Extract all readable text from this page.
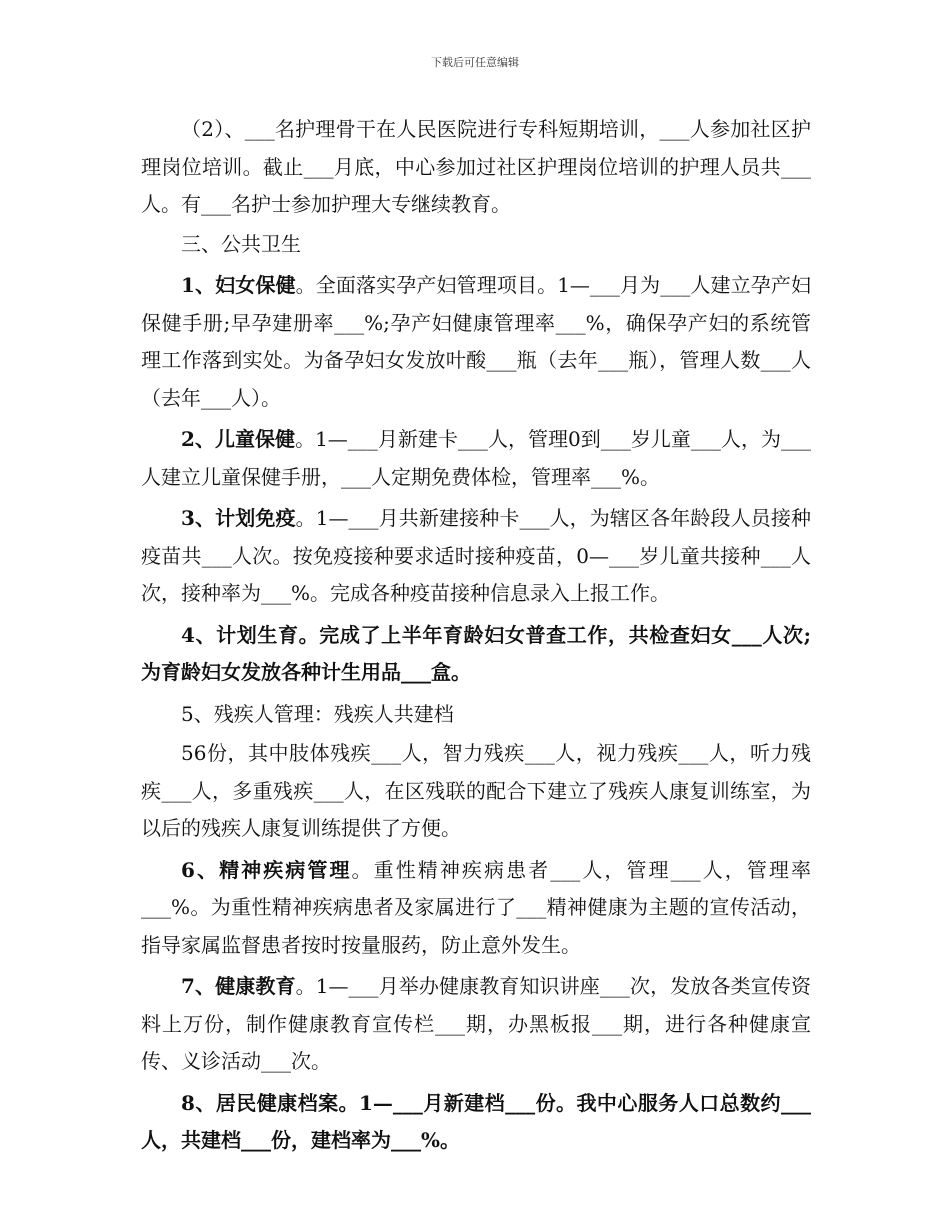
下载后可任意编辑

（2）、___名护理骨干在人民医院进行专科短期培训，___人参加社区护理岗位培训。截止___月底，中心参加过社区护理岗位培训的护理人员共___人。有___名护士参加护理大专继续教育。

三、公共卫生

1、妇女保健。全面落实孕产妇管理项目。1—___月为___人建立孕产妇保健手册;早孕建册率___%;孕产妇健康管理率___%，确保孕产妇的系统管理工作落到实处。为备孕妇女发放叶酸___瓶（去年___瓶），管理人数___人（去年___人）。

2、儿童保健。1—___月新建卡___人，管理0到___岁儿童___人，为___人建立儿童保健手册，___人定期免费体检，管理率___%。

3、计划免疫。1—___月共新建接种卡___人，为辖区各年龄段人员接种疫苗共___人次。按免疫接种要求适时接种疫苗，0—___岁儿童共接种___人次，接种率为___%。完成各种疫苗接种信息录入上报工作。

4、计划生育。完成了上半年育龄妇女普查工作，共检查妇女___人次;为育龄妇女发放各种计生用品___盒。

5、残疾人管理：残疾人共建档

56份，其中肢体残疾___人，智力残疾___人，视力残疾___人，听力残疾___人，多重残疾___人，在区残联的配合下建立了残疾人康复训练室，为以后的残疾人康复训练提供了方便。

6、精神疾病管理。重性精神疾病患者___人，管理___人，管理率___%。为重性精神疾病患者及家属进行了___精神健康为主题的宣传活动，指导家属监督患者按时按量服药，防止意外发生。

7、健康教育。1—___月举办健康教育知识讲座___次，发放各类宣传资料上万份，制作健康教育宣传栏___期，办黑板报___期，进行各种健康宣传、义诊活动___次。

8、居民健康档案。1—___月新建档___份。我中心服务人口总数约___人，共建档___份，建档率为___%。
